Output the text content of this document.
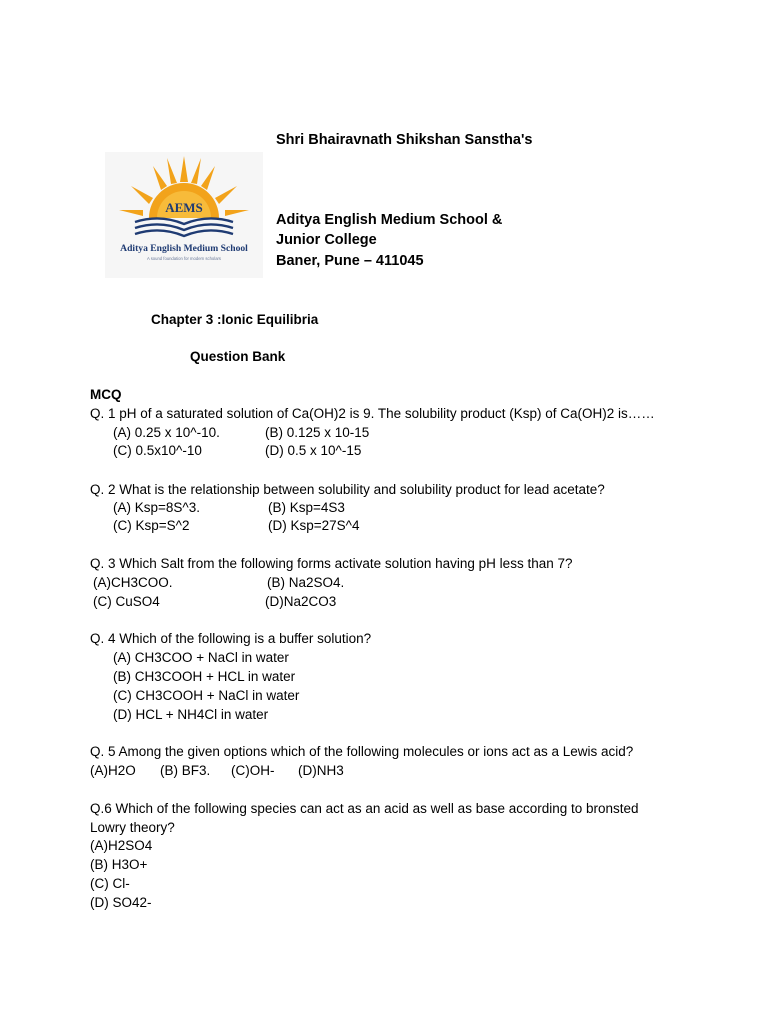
Shri Bhairavnath Shikshan Sanstha's
AEMS
Aditya English Medium School
A sound foundation for modern scholars
Aditya English Medium School &
Junior College
Baner, Pune – 411045
Chapter 3 :Ionic Equilibria
Question Bank
MCQ
Q. 1 pH of a saturated solution of Ca(OH)2 is 9. The solubility product (Ksp) of Ca(OH)2 is……
(A) 0.25 x 10^-10.	(B) 0.125 x 10-15
(C) 0.5x10^-10	(D) 0.5 x 10^-15
Q. 2 What is the relationship between solubility and solubility product for lead acetate?
(A) Ksp=8S^3.	(B) Ksp=4S3
(C) Ksp=S^2	(D) Ksp=27S^4
Q. 3 Which Salt from the following forms activate solution having pH less than 7?
(A)CH3COO.	(B) Na2SO4.
(C) CuSO4	(D)Na2CO3
Q. 4 Which of the following is a buffer solution?
(A) CH3COO + NaCl in water
(B) CH3COOH + HCL in water
(C) CH3COOH + NaCl in water
(D) HCL + NH4Cl in water
Q. 5 Among the given options which of the following molecules or ions act as a Lewis acid?
(A)H2O (B) BF3. (C)OH- (D)NH3
Q.6 Which of the following species can act as an acid as well as base according to bronsted
Lowry theory?
(A)H2SO4
(B) H3O+
(C) Cl-
(D) SO42-
